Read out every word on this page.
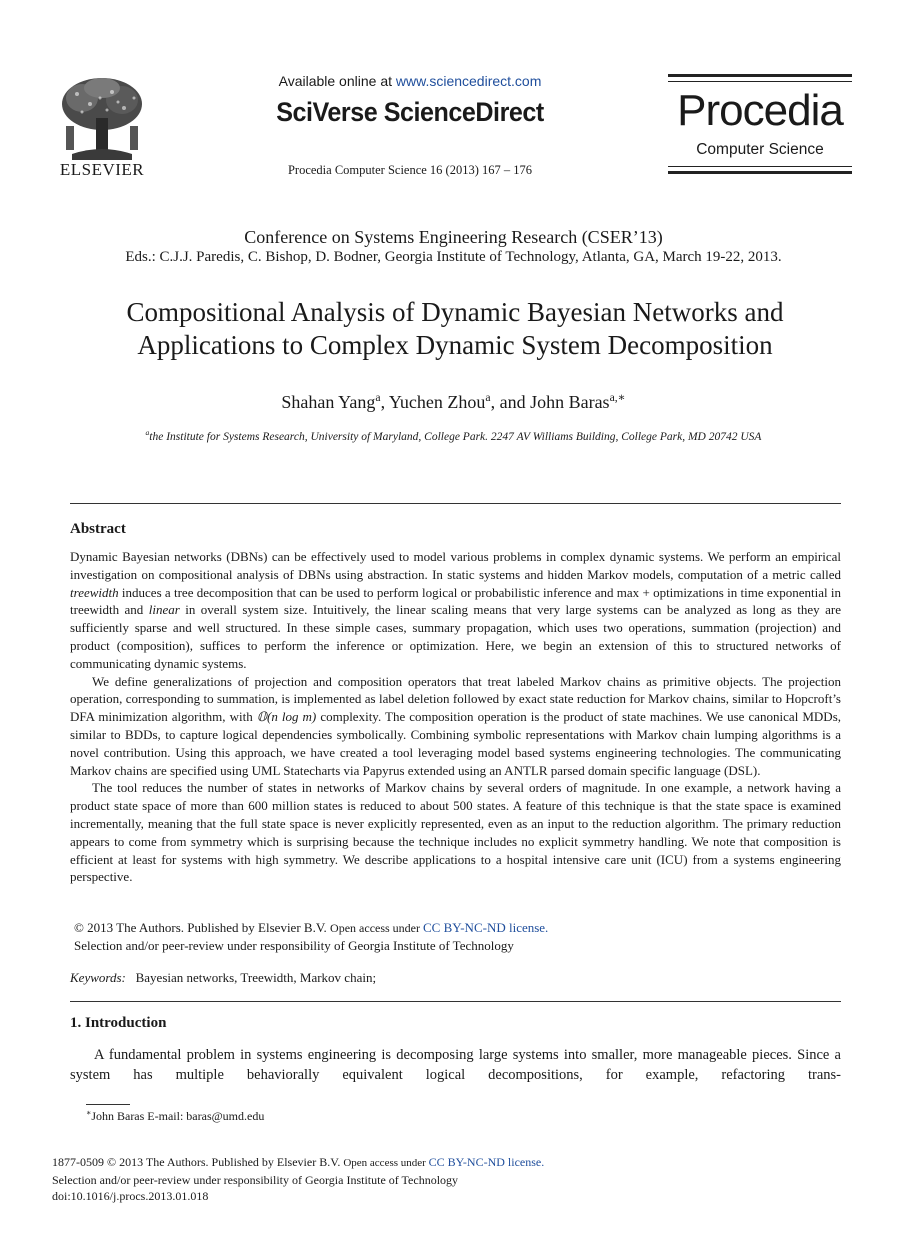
ELSEVIER
Available online at www.sciencedirect.com
SciVerse ScienceDirect
Procedia Computer Science 16 (2013) 167 – 176
Procedia
Computer Science
Conference on Systems Engineering Research (CSER’13)
Eds.: C.J.J. Paredis, C. Bishop, D. Bodner, Georgia Institute of Technology, Atlanta, GA, March 19-22, 2013.
Compositional Analysis of Dynamic Bayesian Networks and
Applications to Complex Dynamic System Decomposition
Shahan Yang$^a$, Yuchen Zhou$^a$, and John Baras$^{a,∗}$
$^a$the Institute for Systems Research, University of Maryland, College Park. 2247 AV Williams Building, College Park, MD 20742 USA
Abstract

Dynamic Bayesian networks (DBNs) can be effectively used to model various problems in complex dynamic systems. We perform an empirical investigation on compositional analysis of DBNs using abstraction. In static systems and hidden Markov models, computation of a metric called treewidth induces a tree decomposition that can be used to perform logical or probabilistic inference and max + optimizations in time exponential in treewidth and linear in overall system size. Intuitively, the linear scaling means that very large systems can be analyzed as long as they are sufficiently sparse and well structured. In these simple cases, summary propagation, which uses two operations, summation (projection) and product (composition), suffices to perform the inference or optimization. Here, we begin an extension of this to structured networks of communicating dynamic systems.

We define generalizations of projection and composition operators that treat labeled Markov chains as primitive objects. The projection operation, corresponding to summation, is implemented as label deletion followed by exact state reduction for Markov chains, similar to Hopcroft’s DFA minimization algorithm, with 𝕆(n log m) complexity. The composition operation is the product of state machines. We use canonical MDDs, similar to BDDs, to capture logical dependencies symbolically. Combining symbolic representations with Markov chain lumping algorithms is a novel contribution. Using this approach, we have created a tool leveraging model based systems engineering technologies. The communicating Markov chains are specified using UML Statecharts via Papyrus extended using an ANTLR parsed domain specific language (DSL).

The tool reduces the number of states in networks of Markov chains by several orders of magnitude. In one example, a network having a product state space of more than 600 million states is reduced to about 500 states. A feature of this technique is that the state space is examined incrementally, meaning that the full state space is never explicitly represented, even as an input to the reduction algorithm. The primary reduction appears to come from symmetry which is surprising because the technique includes no explicit symmetry handling. We note that composition is efficient at least for systems with high symmetry. We describe applications to a hospital intensive care unit (ICU) from a systems engineering perspective.

© 2013 The Authors. Published by Elsevier B.V. Open access under CC BY-NC-ND license.
Selection and/or peer-review under responsibility of Georgia Institute of Technology
Keywords: Bayesian networks, Treewidth, Markov chain;
1. Introduction

A fundamental problem in systems engineering is decomposing large systems into smaller, more manageable pieces. Since a system has multiple behaviorally equivalent logical decompositions, for example, refactoring trans-

∗John Baras E-mail: baras@umd.edu
1877-0509 © 2013 The Authors. Published by Elsevier B.V. Open access under CC BY-NC-ND license.
Selection and/or peer-review under responsibility of Georgia Institute of Technology
doi:10.1016/j.procs.2013.01.018
